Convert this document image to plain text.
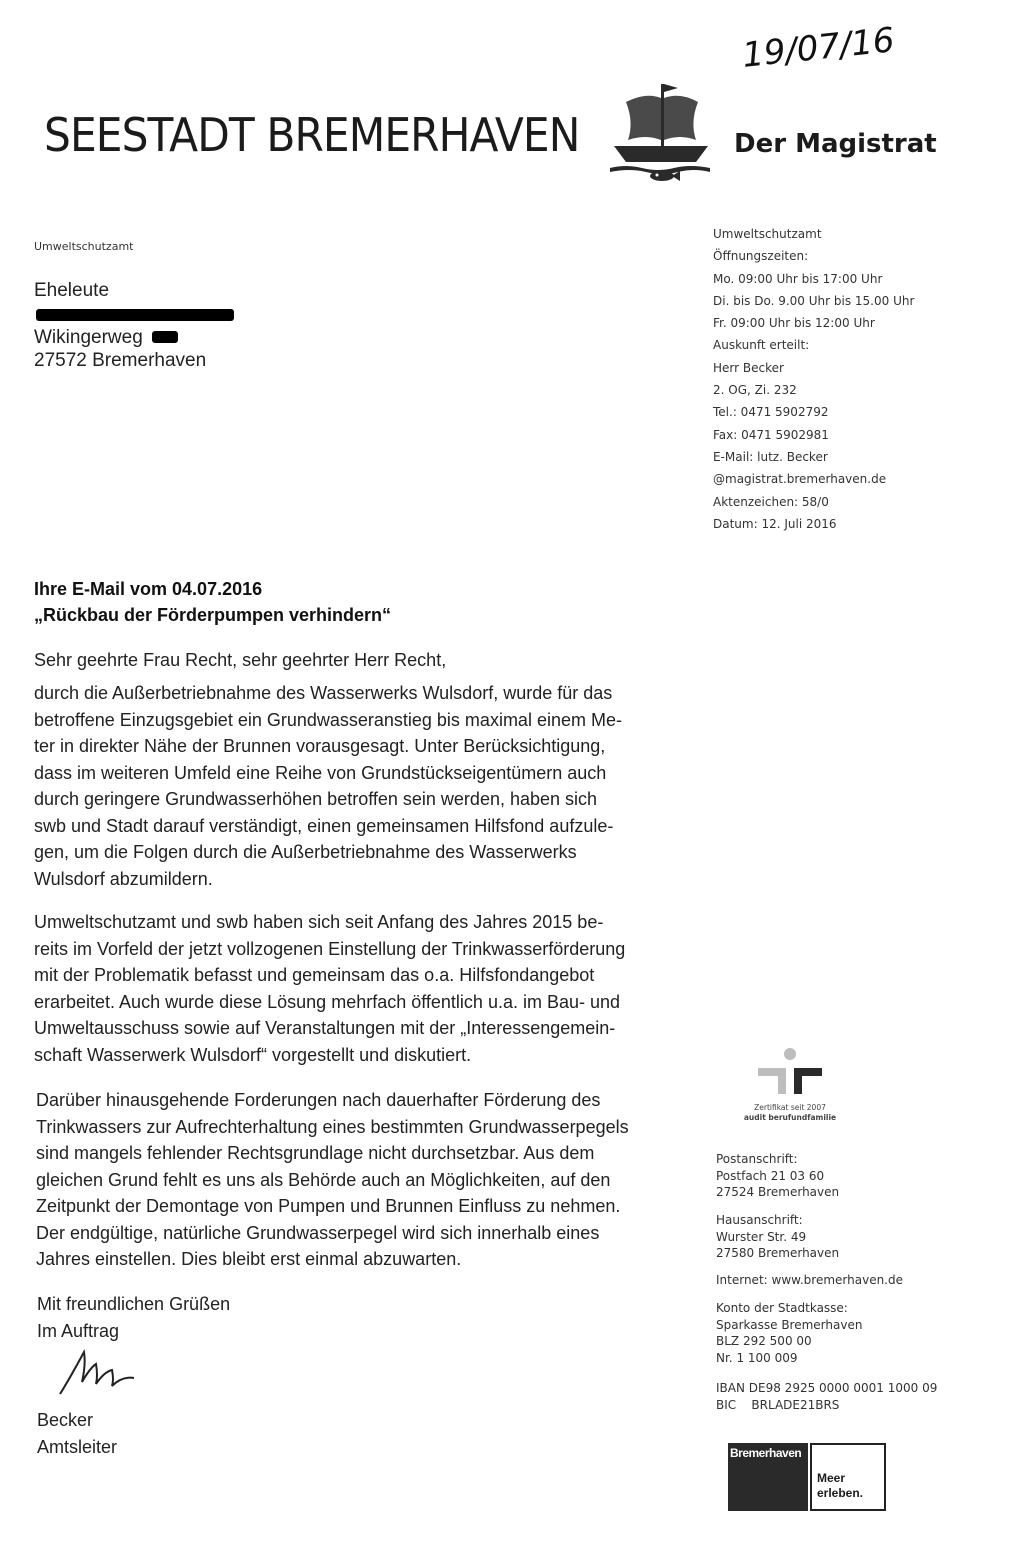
19/07/16
SEESTADT BREMERHAVEN	Der Magistrat
Umweltschutzamt
Eheleute
Wikingerweg
27572 Bremerhaven
Umweltschutzamt
Öffnungszeiten:
Mo. 09:00 Uhr bis 17:00 Uhr
Di. bis Do. 9.00 Uhr bis 15.00 Uhr
Fr. 09:00 Uhr bis 12:00 Uhr
Auskunft erteilt:
Herr Becker
2. OG, Zi. 232
Tel.: 0471 5902792
Fax: 0471 5902981
E-Mail: lutz. Becker
@magistrat.bremerhaven.de
Aktenzeichen: 58/0
Datum: 12. Juli 2016
Ihre E-Mail vom 04.07.2016
„Rückbau der Förderpumpen verhindern“
Sehr geehrte Frau Recht, sehr geehrter Herr Recht,

durch die Außerbetriebnahme des Wasserwerks Wulsdorf, wurde für das

betroffene Einzugsgebiet ein Grundwasseranstieg bis maximal einem Me-

ter in direkter Nähe der Brunnen vorausgesagt. Unter Berücksichtigung,

dass im weiteren Umfeld eine Reihe von Grundstückseigentümern auch

durch geringere Grundwasserhöhen betroffen sein werden, haben sich

swb und Stadt darauf verständigt, einen gemeinsamen Hilfsfond aufzule-

gen, um die Folgen durch die Außerbetriebnahme des Wasserwerks

Wulsdorf abzumildern.

Umweltschutzamt und swb haben sich seit Anfang des Jahres 2015 be-

reits im Vorfeld der jetzt vollzogenen Einstellung der Trinkwasserförderung

mit der Problematik befasst und gemeinsam das o.a. Hilfsfondangebot

erarbeitet. Auch wurde diese Lösung mehrfach öffentlich u.a. im Bau- und

Umweltausschuss sowie auf Veranstaltungen mit der „Interessengemein-

schaft Wasserwerk Wulsdorf“ vorgestellt und diskutiert.

Darüber hinausgehende Forderungen nach dauerhafter Förderung des

Trinkwassers zur Aufrechterhaltung eines bestimmten Grundwasserpegels

sind mangels fehlender Rechtsgrundlage nicht durchsetzbar. Aus dem

gleichen Grund fehlt es uns als Behörde auch an Möglichkeiten, auf den

Zeitpunkt der Demontage von Pumpen und Brunnen Einfluss zu nehmen.

Der endgültige, natürliche Grundwasserpegel wird sich innerhalb eines

Jahres einstellen. Dies bleibt erst einmal abzuwarten.

Mit freundlichen Grüßen
Im Auftrag
Becker
Amtsleiter
Zertifikat seit 2007
audit berufundfamilie
Postanschrift:
Postfach 21 03 60
27524 Bremerhaven
Hausanschrift:
Wurster Str. 49
27580 Bremerhaven
Internet: www.bremerhaven.de
Konto der Stadtkasse:
Sparkasse Bremerhaven
BLZ 292 500 00
Nr. 1 100 009
IBAN DE98 2925 0000 0001 1000 09
BIC    BRLADE21BRS
Bremerhaven
Meer
erleben.
